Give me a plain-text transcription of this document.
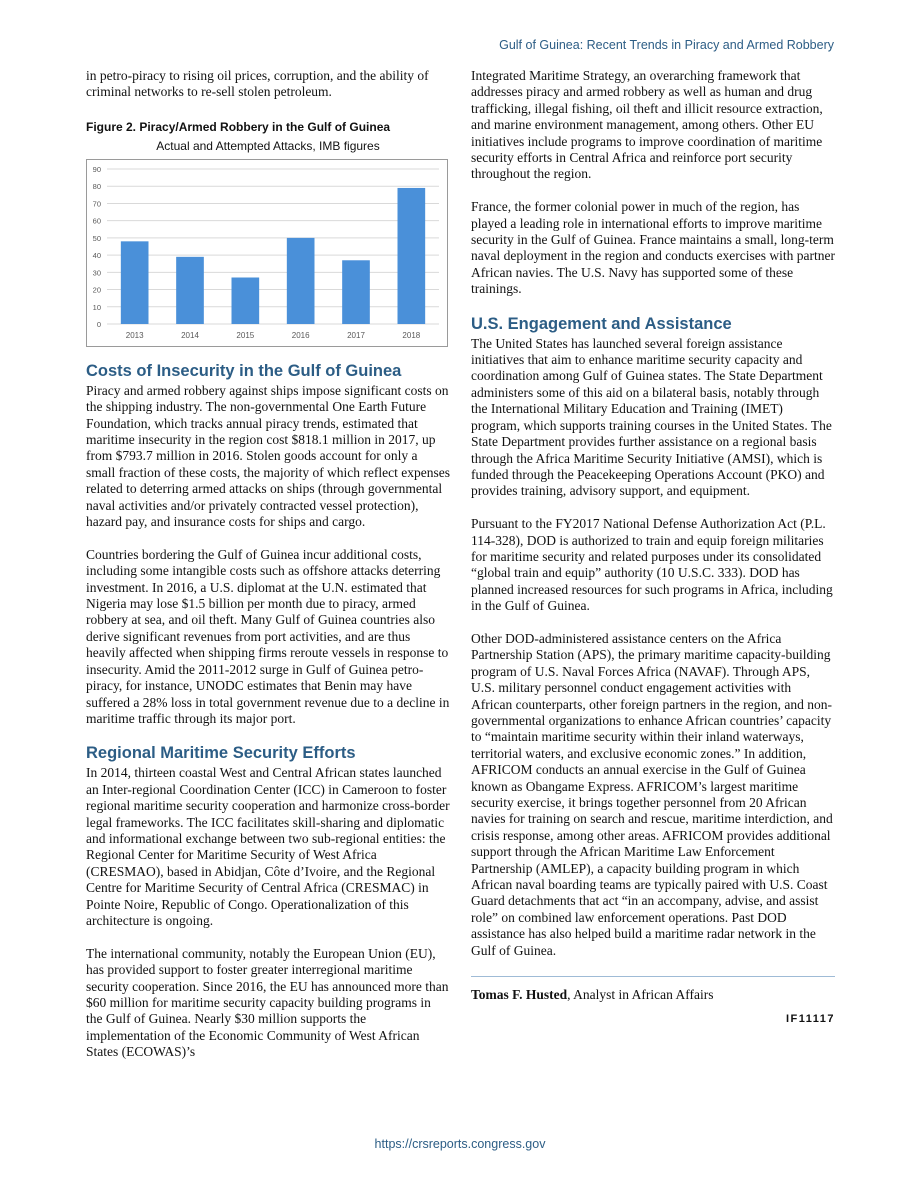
Gulf of Guinea: Recent Trends in Piracy and Armed Robbery

in petro-piracy to rising oil prices, corruption, and the ability of criminal networks to re-sell stolen petroleum.

Figure 2. Piracy/Armed Robbery in the Gulf of Guinea
Actual and Attempted Attacks, IMB figures
0
10
20
30
40
50
60
70
80
90
2013	2014	2015	2016	2017	2018
Costs of Insecurity in the Gulf of Guinea

Piracy and armed robbery against ships impose significant costs on the shipping industry. The non-governmental One Earth Future Foundation, which tracks annual piracy trends, estimated that maritime insecurity in the region cost $818.1 million in 2017, up from $793.7 million in 2016. Stolen goods account for only a small fraction of these costs, the majority of which reflect expenses related to deterring armed attacks on ships (through governmental naval activities and/or privately contracted vessel protection), hazard pay, and insurance costs for ships and cargo.

Countries bordering the Gulf of Guinea incur additional costs, including some intangible costs such as offshore attacks deterring investment. In 2016, a U.S. diplomat at the U.N. estimated that Nigeria may lose $1.5 billion per month due to piracy, armed robbery at sea, and oil theft. Many Gulf of Guinea countries also derive significant revenues from port activities, and are thus heavily affected when shipping firms reroute vessels in response to insecurity. Amid the 2011-2012 surge in Gulf of Guinea petro-piracy, for instance, UNODC estimates that Benin may have suffered a 28% loss in total government revenue due to a decline in maritime traffic through its major port.

Regional Maritime Security Efforts

In 2014, thirteen coastal West and Central African states launched an Inter-regional Coordination Center (ICC) in Cameroon to foster regional maritime security cooperation and harmonize cross-border legal frameworks. The ICC facilitates skill-sharing and diplomatic and informational exchange between two sub-regional entities: the Regional Center for Maritime Security of West Africa (CRESMAO), based in Abidjan, Côte d’Ivoire, and the Regional Centre for Maritime Security of Central Africa (CRESMAC) in Pointe Noire, Republic of Congo. Operationalization of this architecture is ongoing.

The international community, notably the European Union (EU), has provided support to foster greater interregional maritime security cooperation. Since 2016, the EU has announced more than $60 million for maritime security capacity building programs in the Gulf of Guinea. Nearly $30 million supports the implementation of the Economic Community of West African States (ECOWAS)’s

Integrated Maritime Strategy, an overarching framework that addresses piracy and armed robbery as well as human and drug trafficking, illegal fishing, oil theft and illicit resource extraction, and marine environment management, among others. Other EU initiatives include programs to improve coordination of maritime security efforts in Central Africa and reinforce port security throughout the region.

France, the former colonial power in much of the region, has played a leading role in international efforts to improve maritime security in the Gulf of Guinea. France maintains a small, long-term naval deployment in the region and conducts exercises with partner African navies. The U.S. Navy has supported some of these trainings.

U.S. Engagement and Assistance

The United States has launched several foreign assistance initiatives that aim to enhance maritime security capacity and coordination among Gulf of Guinea states. The State Department administers some of this aid on a bilateral basis, notably through the International Military Education and Training (IMET) program, which supports training courses in the United States. The State Department provides further assistance on a regional basis through the Africa Maritime Security Initiative (AMSI), which is funded through the Peacekeeping Operations Account (PKO) and provides training, advisory support, and equipment.

Pursuant to the FY2017 National Defense Authorization Act (P.L. 114-328), DOD is authorized to train and equip foreign militaries for maritime security and related purposes under its consolidated “global train and equip” authority (10 U.S.C. 333). DOD has planned increased resources for such programs in Africa, including in the Gulf of Guinea.

Other DOD-administered assistance centers on the Africa Partnership Station (APS), the primary maritime capacity-building program of U.S. Naval Forces Africa (NAVAF). Through APS, U.S. military personnel conduct engagement activities with African counterparts, other foreign partners in the region, and non-governmental organizations to enhance African countries’ capacity to “maintain maritime security within their inland waterways, territorial waters, and exclusive economic zones.” In addition, AFRICOM conducts an annual exercise in the Gulf of Guinea known as Obangame Express. AFRICOM’s largest maritime security exercise, it brings together personnel from 20 African navies for training on search and rescue, maritime interdiction, and crisis response, among other areas. AFRICOM provides additional support through the African Maritime Law Enforcement Partnership (AMLEP), a capacity building program in which African naval boarding teams are typically paired with U.S. Coast Guard detachments that act “in an accompany, advise, and assist role” on combined law enforcement operations. Past DOD assistance has also helped build a maritime radar network in the Gulf of Guinea.

Tomas F. Husted, Analyst in African Affairs

IF11117
https://crsreports.congress.gov
